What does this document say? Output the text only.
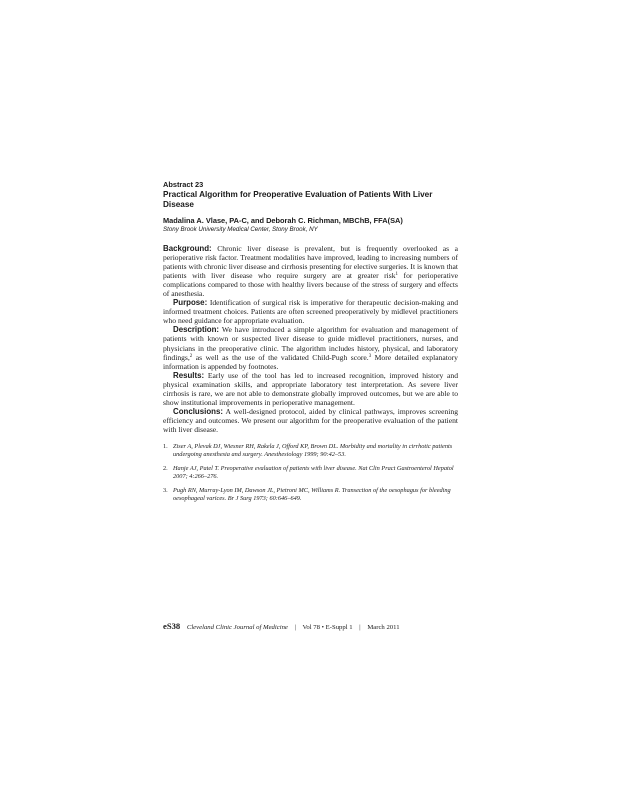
Abstract 23
Practical Algorithm for Preoperative Evaluation of Patients With Liver Disease
Madalina A. Vlase, PA-C, and Deborah C. Richman, MBChB, FFA(SA)
Stony Brook University Medical Center, Stony Brook, NY

Background: Chronic liver disease is prevalent, but is frequently overlooked as a perioperative risk factor. Treatment modalities have improved, leading to increasing numbers of patients with chronic liver disease and cirrhosis presenting for elective surgeries. It is known that patients with liver disease who require surgery are at greater risk$^1$ for perioperative complications compared to those with healthy livers because of the stress of surgery and effects of anesthesia.

Purpose: Identification of surgical risk is imperative for therapeutic decision-making and informed treatment choices. Patients are often screened preoperatively by midlevel practitioners who need guidance for appropriate evaluation.

Description: We have introduced a simple algorithm for evaluation and management of patients with known or suspected liver disease to guide midlevel practitioners, nurses, and physicians in the preoperative clinic. The algorithm includes history, physical, and laboratory findings,$^2$ as well as the use of the validated Child-Pugh score.$^3$ More detailed explanatory information is appended by footnotes.

Results: Early use of the tool has led to increased recognition, improved history and physical examination skills, and appropriate laboratory test interpretation. As severe liver cirrhosis is rare, we are not able to demonstrate globally improved outcomes, but we are able to show institutional improvements in perioperative management.

Conclusions: A well-designed protocol, aided by clinical pathways, improves screening efficiency and outcomes. We present our algorithm for the preoperative evaluation of the patient with liver disease.

1. Ziser A, Plevak DJ, Wiesner RH, Rakela J, Offord KP, Brown DL. Morbidity and mortality in cirrhotic patients undergoing anesthesia and surgery. Anesthesiology 1999; 90:42–53.
2. Hanje AJ, Patel T. Preoperative evaluation of patients with liver disease. Nat Clin Pract Gastroenterol Hepatol 2007; 4:266–276.
3. Pugh RN, Murray-Lyon IM, Dawson JL, Pietroni MC, Williams R. Transection of the oesophagus for bleeding oesophageal varices. Br J Surg 1973; 60:646–649.
eS38 Cleveland Clinic Journal of Medicine | Vol 78 • E-Suppl 1 | March 2011
